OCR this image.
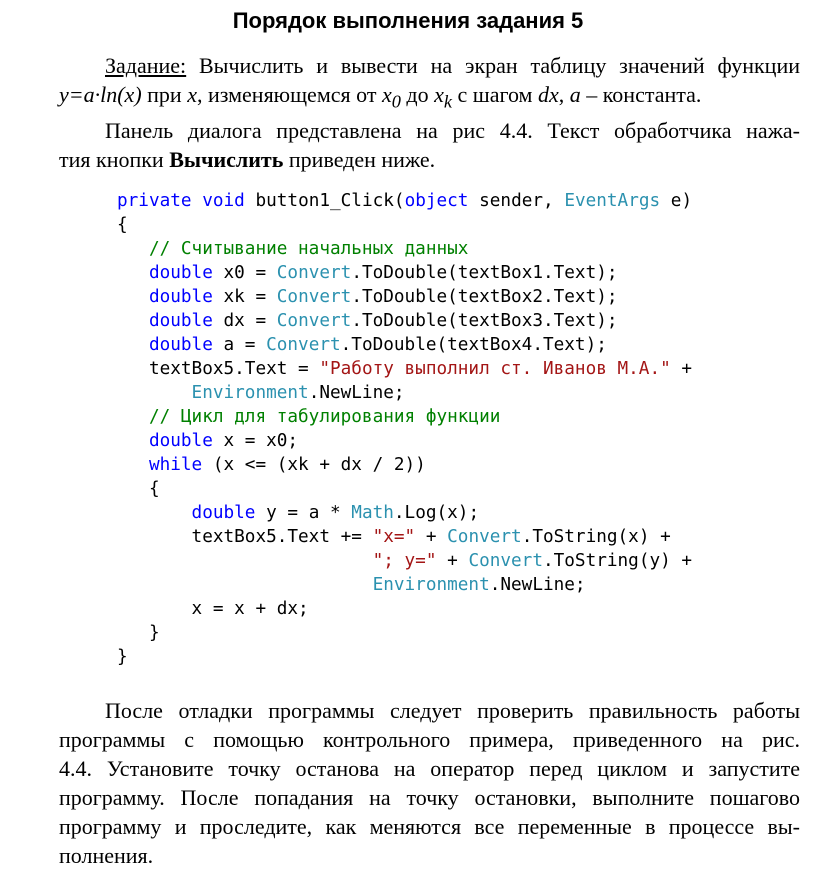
Порядок выполнения задания 5
Задание: Вычислить и вывести на экран таблицу значений функции
y=a·ln(x) при x, изменяющемся от $x_0$ до $x_k$ с шагом dx, a – константа.
Панель диалога представлена на рис 4.4. Текст обработчика нажа-
тия кнопки Вычислить приведен ниже.
private void button1_Click(object sender, EventArgs e)
{
// Считывание начальных данных
double x0 = Convert.ToDouble(textBox1.Text);
double xk = Convert.ToDouble(textBox2.Text);
double dx = Convert.ToDouble(textBox3.Text);
double a = Convert.ToDouble(textBox4.Text);
textBox5.Text = "Работу выполнил ст. Иванов М.А." +
Environment.NewLine;
// Цикл для табулирования функции
double x = x0;
while (x <= (xk + dx / 2))
{
double y = a * Math.Log(x);
textBox5.Text += "x=" + Convert.ToString(x) +
"; y=" + Convert.ToString(y) +
Environment.NewLine;
x = x + dx;
}
}
После отладки программы следует проверить правильность работы
программы с помощью контрольного примера, приведенного на рис.
4.4. Установите точку останова на оператор перед циклом и запустите
программу. После попадания на точку остановки, выполните пошагово
программу и проследите, как меняются все переменные в процессе вы-
полнения.
